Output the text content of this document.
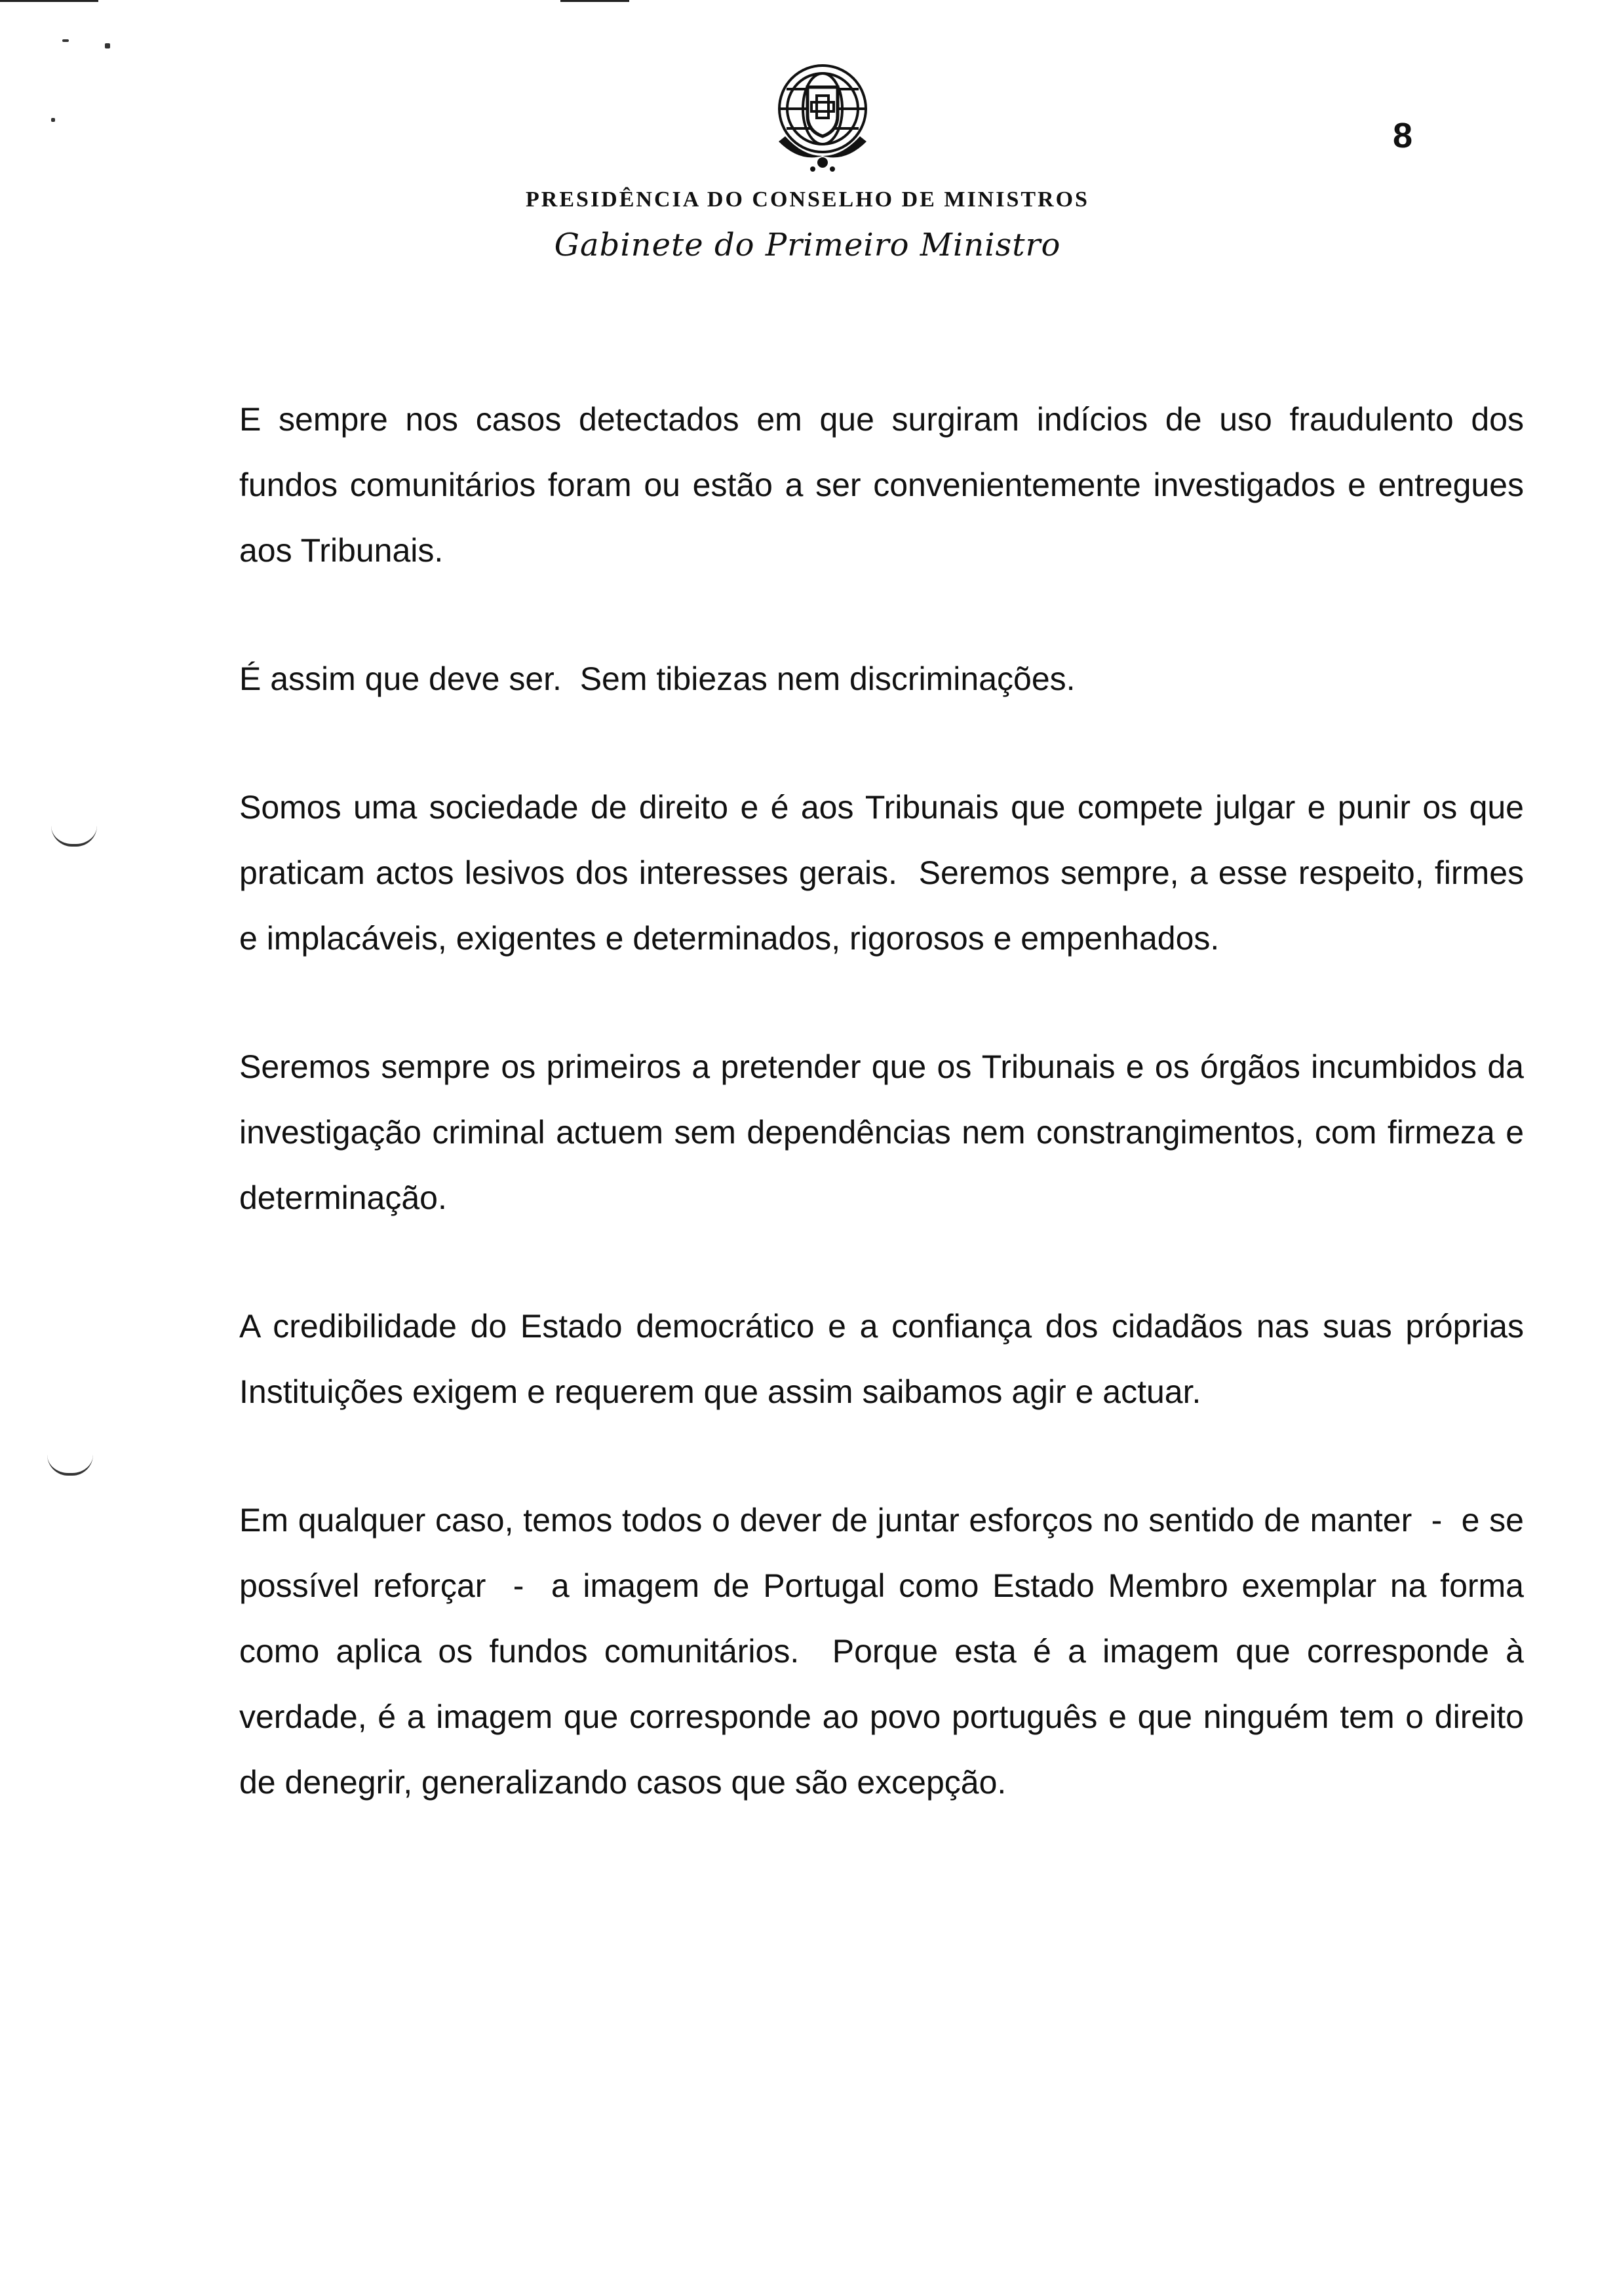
8
PRESIDÊNCIA DO CONSELHO DE MINISTROS
Gabinete do Primeiro Ministro

E sempre nos casos detectados em que surgiram indícios de uso fraudulento dos fundos comunitários foram ou estão a ser convenientemente investigados e entregues aos Tribunais.

É assim que deve ser.  Sem tibiezas nem discriminações.

Somos uma sociedade de direito e é aos Tribunais que compete julgar e punir os que praticam actos lesivos dos interesses gerais.  Seremos sempre, a esse respeito, firmes e implacáveis, exigentes e determinados, rigorosos e empenhados.

Seremos sempre os primeiros a pretender que os Tribunais e os órgãos incumbidos da investigação criminal actuem sem dependências nem constrangimentos, com firmeza e determinação.

A credibilidade do Estado democrático e a confiança dos cidadãos nas suas próprias Instituições exigem e requerem que assim saibamos agir e actuar.

Em qualquer caso, temos todos o dever de juntar esforços no sentido de manter  -  e se possível reforçar  -  a imagem de Portugal como Estado Membro exemplar na forma como aplica os fundos comunitários.  Porque esta é a imagem que corresponde à verdade, é a imagem que corresponde ao povo português e que ninguém tem o direito de denegrir, generalizando casos que são excepção.
